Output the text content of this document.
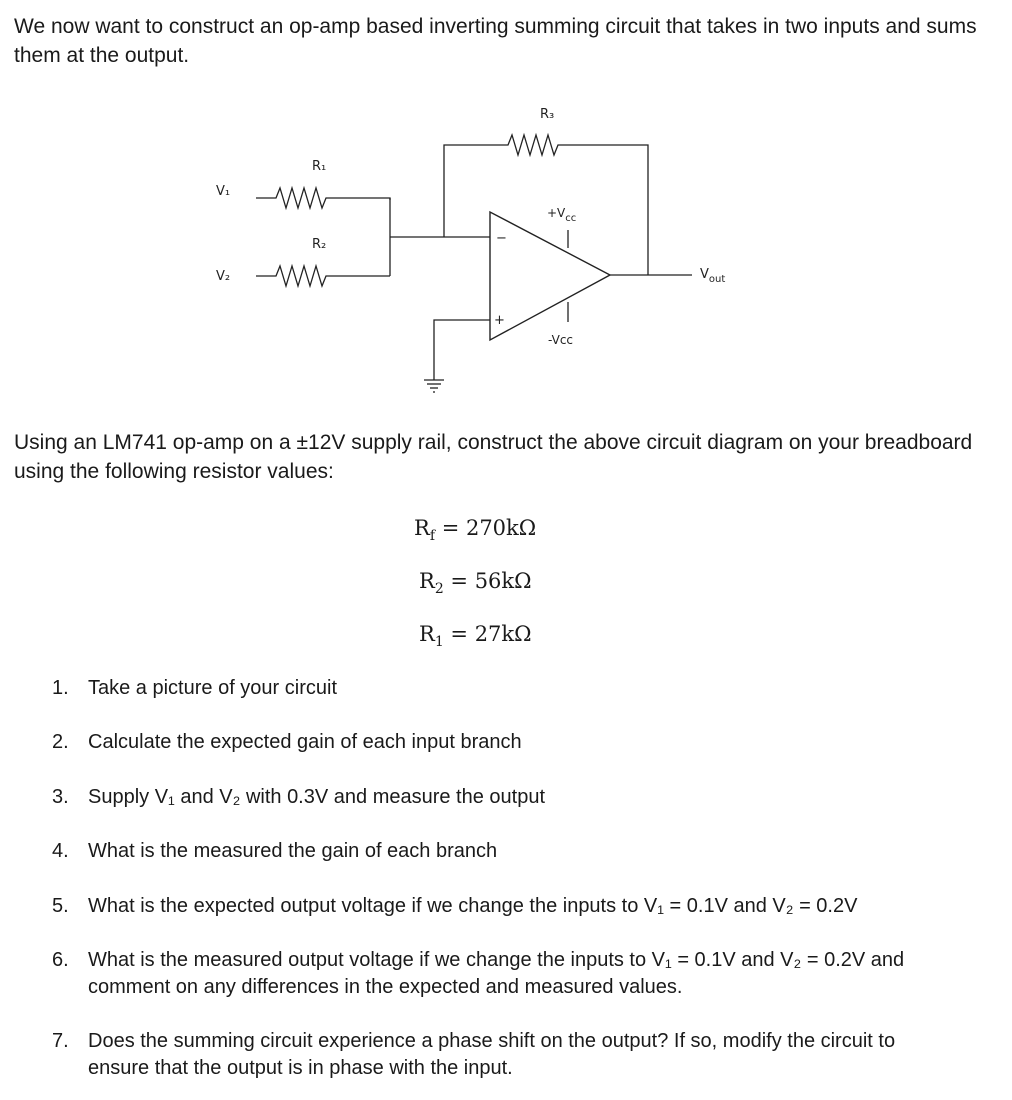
We now want to construct an op-amp based inverting summing circuit that takes in two inputs and sums them at the output.

V₁
R₁
V₂
R₂
R₃
−
+
$+V_{cc}$
-Vcc
$V_{out}$

Using an LM741 op-amp on a ±12V supply rail, construct the above circuit diagram on your breadboard using the following resistor values:

$R_f = 270k\Omega$
$R_2 = 56k\Omega$
$R_1 = 27k\Omega$
1. Take a picture of your circuit
2. Calculate the expected gain of each input branch
3. Supply V₁ and V₂ with 0.3V and measure the output
4. What is the measured the gain of each branch
5. What is the expected output voltage if we change the inputs to V₁ = 0.1V and V₂ = 0.2V
6. What is the measured output voltage if we change the inputs to V₁ = 0.1V and V₂ = 0.2V and comment on any differences in the expected and measured values.
7. Does the summing circuit experience a phase shift on the output? If so, modify the circuit to ensure that the output is in phase with the input.
